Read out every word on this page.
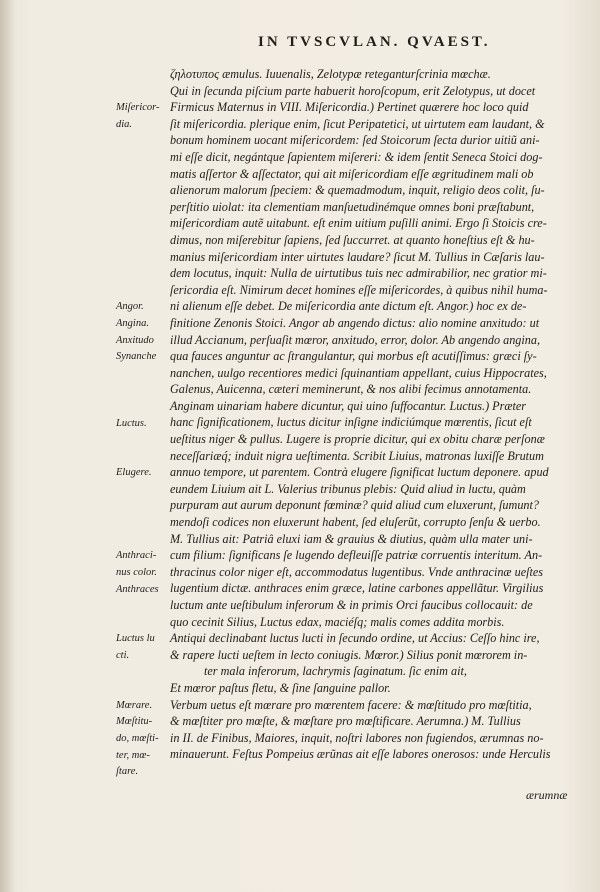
IN TVSCVLAN. QVAEST.
ζηλοτυπος æmulus. Iuuenalis, Zelotypæ reteganturſcrinia mœchæ.
Qui in ſecunda piſcium parte habuerit horoſcopum, erit Zelotypus, ut docet
Firmicus Maternus in VIII. Miſericordia.) Pertinet quærere hoc loco quid
ſit miſericordia. plerique enim, ſicut Peripatetici, ut uirtutem eam laudant, &
bonum hominem uocant miſericordem: ſed Stoicorum ſecta durior uitiũ ani-
mi eſſe dicit, negántque ſapientem miſereri: & idem ſentit Seneca Stoici dog-
matis aſſertor & aſſectator, qui ait miſericordiam eſſe ægritudinem mali ob
alienorum malorum ſpeciem: & quemadmodum, inquit, religio deos colit, ſu-
perſtitio uiolat: ita clementiam manſuetudinémque omnes boni præſtabunt,
miſericordiam autẽ uitabunt. eſt enim uitium puſilli animi. Ergo ſi Stoicis cre-
dimus, non miſerebitur ſapiens, ſed ſuccurret. at quanto honeſtius eſt & hu-
manius miſericordiam inter uirtutes laudare? ſicut M. Tullius in Cæſaris lau-
dem locutus, inquit: Nulla de uirtutibus tuis nec admirabilior, nec gratior mi-
ſericordia eſt. Nimirum decet homines eſſe miſericordes, à quibus nihil huma-
ni alienum eſſe debet. De miſericordia ante dictum eſt. Angor.) hoc ex de-
finitione Zenonis Stoici. Angor ab angendo dictus: alio nomine anxitudo: ut
illud Accianum, perſuaſit mœror, anxitudo, error, dolor. Ab angendo angina,
qua fauces anguntur ac ſtrangulantur, qui morbus eſt acutiſſimus: græci ſy-
nanchen, uulgo recentiores medici ſquinantiam appellant, cuius Hippocrates,
Galenus, Auicenna, cæteri meminerunt, & nos alibi fecimus annotamenta.
Anginam uinariam habere dicuntur, qui uino ſuffocantur. Luctus.) Præter
hanc ſignificationem, luctus dicitur inſigne indiciúmque mœrentis, ſicut eſt
ueſtitus niger & pullus. Lugere is proprie dicitur, qui ex obitu charæ perſonæ
neceſſariæq́; induit nigra ueſtimenta. Scribit Liuius, matronas luxiſſe Brutum
annuo tempore, ut parentem. Contrà elugere ſignificat luctum deponere. apud
eundem Liuium ait L. Valerius tribunus plebis: Quid aliud in luctu, quàm
purpuram aut aurum deponunt fœminæ? quid aliud cum eluxerunt, ſumunt?
mendoſi codices non eluxerunt habent, ſed eluſerũt, corrupto ſenſu & uerbo.
M. Tullius ait: Patriâ eluxi iam & grauius & diutius, quàm ulla mater uni-
cum filium: ſignificans ſe lugendo defleuiſſe patriæ corruentis interitum. An-
thracinus color niger eſt, accommodatus lugentibus. Vnde anthracinæ ueſtes
lugentium dictæ. anthraces enim græce, latine carbones appellãtur. Virgilius
luctum ante ueſtibulum inferorum & in primis Orci faucibus collocauit: de
quo cecinit Silius, Luctus edax, maciéſq; malis comes addita morbis.
Antiqui declinabant luctus lucti in ſecundo ordine, ut Accius: Ceſſo hinc ire,
& rapere lucti ueſtem in lecto coniugis. Mœror.) Silius ponit mœrorem in-
ter mala inferorum, lachrymis ſaginatum. ſic enim ait,
Et mœror paſtus fletu, & ſine ſanguine pallor.
Verbum uetus eſt mœrare pro mœrentem facere: & mœſtitudo pro mœſtitia,
& mœſtiter pro mœſte, & mœſtare pro mœſtificare. Aerumna.) M. Tullius
in II. de Finibus, Maiores, inquit, noſtri labores non fugiendos, ærumnas no-
minauerunt. Feſtus Pompeius ærũnas ait eſſe labores onerosos: unde Herculis
Miſericor-
dia.
Angor.
Angina.
Anxitudo
Synanche
Luctus.
Elugere.
Anthraci-
nus color.
Anthraces
Luctus lu
cti.
Mœrare.
Mœſtitu-
do, mœſti-
ter, mœ-
ſtare.
ærumnæ
